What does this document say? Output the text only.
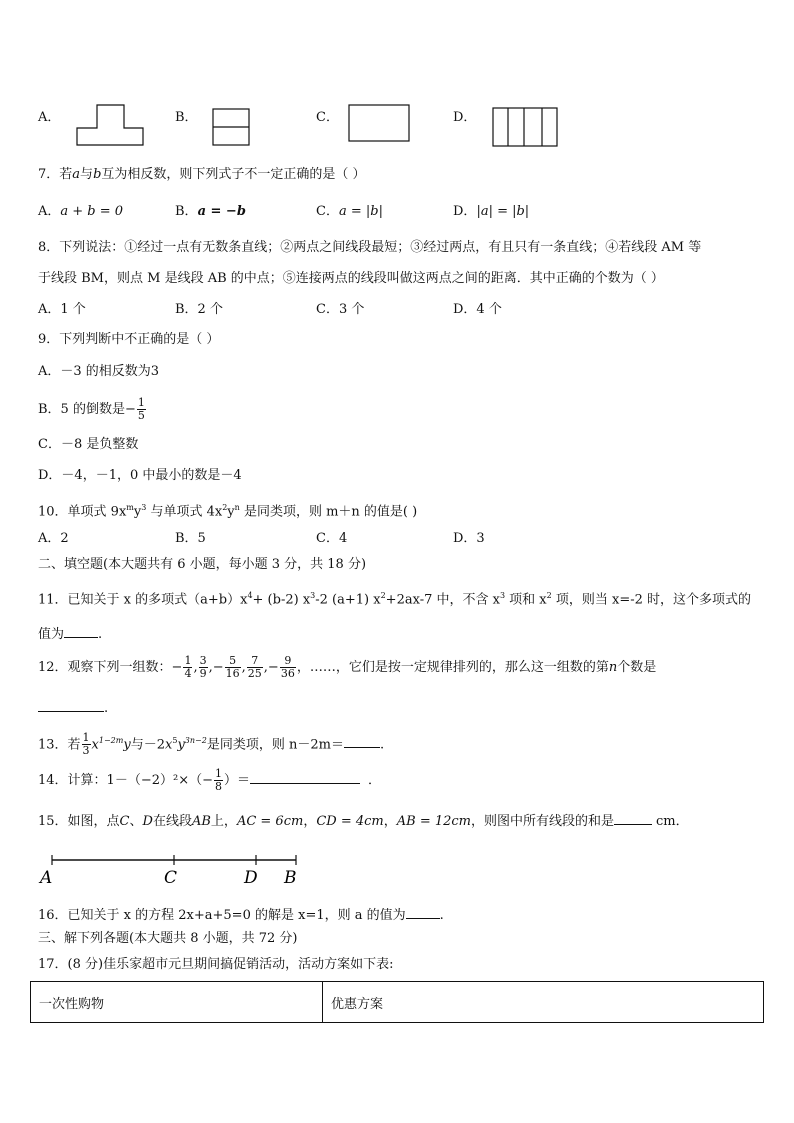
A．	B．	C．	D．
7．若a与b互为相反数，则下列式子不一定正确的是（ ）
A．a + b = 0	B．a = −b	C．a = |b|	D．|a| = |b|
8．下列说法：①经过一点有无数条直线；②两点之间线段最短；③经过两点，有且只有一条直线；④若线段 AM 等
于线段 BM，则点 M 是线段 AB 的中点；⑤连接两点的线段叫做这两点之间的距离．其中正确的个数为（ ）
A．1 个	B．2 个	C．3 个	D．4 个
9．下列判断中不正确的是（ ）
A．－3 的相反数为3
B．5 的倒数是− $\frac{1}{5}$
C．－8 是负整数
D．－4，－1，0 中最小的数是－4
10．单项式 $9x^my^3$ 与单项式 $4x^2y^n$ 是同类项，则 m＋n 的值是( )
A．2	B．5	C．4	D．3
二、填空题(本大题共有 6 小题，每小题 3 分，共 18 分)
11．已知关于 x 的多项式$(a+b)x^4+ (b-2)$ $x^3-2$ (a+1) $x^2+2ax-7$ 中，不含 $x^3$ 项和 $x^2$ 项，则当 x=-2 时，这个多项式的
值为	.
12．观察下列一组数：− $\frac{1}{4}$ , $\frac{3}{9}$ ,− $\frac{5}{16}$ , $\frac{7}{25}$ ,− $\frac{9}{36}$ ，……，它们是按一定规律排列的，那么这一组数的第n个数是
.
13．若 $\frac{1}{3} x^{1-2m}y$与$-2x^5y^{3n-2}$是同类项，则 n－2m＝	.
14．计算：$1-(-2)^2\times(- \frac{1}{8}$ ）＝	．
15．如图，点C、D在线段AB上，AC = 6cm，CD = 4cm，AB = 12cm，则图中所有线段的和是	cm．
A	C	D B
16．已知关于 x 的方程 2x+a+5=0 的解是 x=1，则 a 的值为	.
三、解下列各题(本大题共 8 小题，共 72 分)
17．(8 分)佳乐家超市元旦期间搞促销活动，活动方案如下表:
一次性购物	优惠方案
